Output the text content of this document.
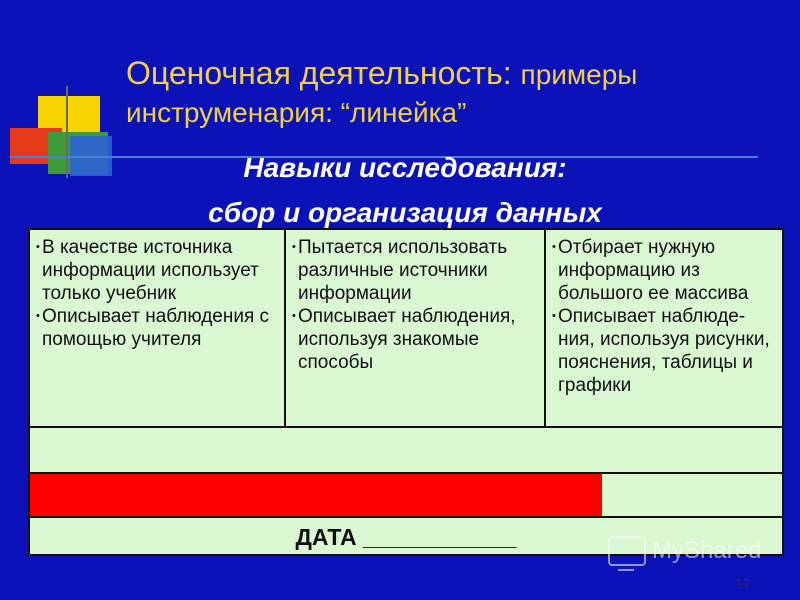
Оценочная деятельность: примеры
инструменария: “линейка”
Навыки исследования:
сбор и организация данных
• В качестве источника информации использует только учебник
• Описывает наблюдения с помощью учителя
• Пытается использовать различные источники информации
• Описывает наблюдения, используя знакомые способы
• Отбирает нужную информацию из большого ее массива
• Описывает наблюде-ния, используя рисунки, пояснения, таблицы и графики
ДАТА ____________	MyShared
17
